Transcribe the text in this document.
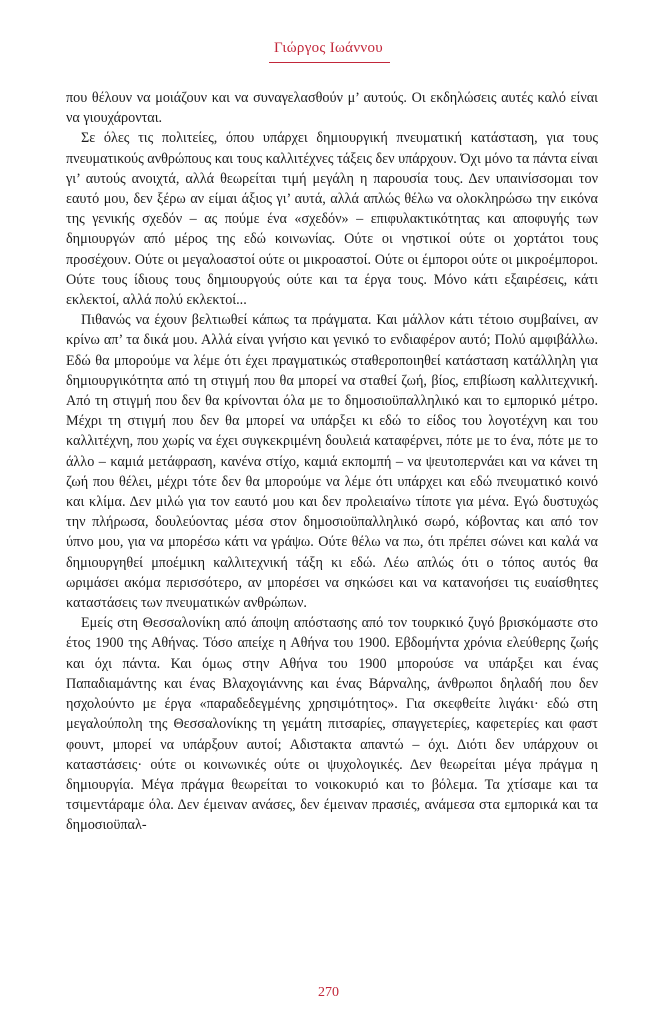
Γιώργος Ιωάννου

που θέλουν να μοιάζουν και να συναγελασθούν μ’ αυτούς. Οι εκδηλώσεις αυτές καλό είναι να γιουχάρονται.

Σε όλες τις πολιτείες, όπου υπάρχει δημιουργική πνευματική κατάσταση, για τους πνευματικούς ανθρώπους και τους καλλιτέχνες τάξεις δεν υπάρχουν. Όχι μόνο τα πάντα είναι γι’ αυτούς ανοιχτά, αλλά θεωρείται τιμή μεγάλη η παρουσία τους. Δεν υπαινίσσομαι τον εαυτό μου, δεν ξέρω αν είμαι άξιος γι’ αυτά, αλλά απλώς θέλω να ολοκληρώσω την εικόνα της γενικής σχεδόν – ας πούμε ένα «σχεδόν» – επιφυλακτικότητας και αποφυγής των δημιουργών από μέρος της εδώ κοινωνίας. Ούτε οι νηστικοί ούτε οι χορτάτοι τους προσέχουν. Ούτε οι μεγαλοαστοί ούτε οι μικροαστοί. Ούτε οι έμποροι ούτε οι μικροέμποροι. Ούτε τους ίδιους τους δημιουργούς ούτε και τα έργα τους. Μόνο κάτι εξαιρέσεις, κάτι εκλεκτοί, αλλά πολύ εκλεκτοί...

Πιθανώς να έχουν βελτιωθεί κάπως τα πράγματα. Και μάλλον κάτι τέτοιο συμβαίνει, αν κρίνω απ’ τα δικά μου. Αλλά είναι γνήσιο και γενικό το ενδιαφέρον αυτό; Πολύ αμφιβάλλω. Εδώ θα μπορούμε να λέμε ότι έχει πραγματικώς σταθεροποιηθεί κατάσταση κατάλληλη για δημιουργικότητα από τη στιγμή που θα μπορεί να σταθεί ζωή, βίος, επιβίωση καλλιτεχνική. Από τη στιγμή που δεν θα κρίνονται όλα με το δημοσιοϋπαλληλικό και το εμπορικό μέτρο. Μέχρι τη στιγμή που δεν θα μπορεί να υπάρξει κι εδώ το είδος του λογοτέχνη και του καλλιτέχνη, που χωρίς να έχει συγκεκριμένη δουλειά καταφέρνει, πότε με το ένα, πότε με το άλλο – καμιά μετάφραση, κανένα στίχο, καμιά εκπομπή – να ψευτοπερνάει και να κάνει τη ζωή που θέλει, μέχρι τότε δεν θα μπορούμε να λέμε ότι υπάρχει και εδώ πνευματικό κοινό και κλίμα. Δεν μιλώ για τον εαυτό μου και δεν προλειαίνω τίποτε για μένα. Εγώ δυστυχώς την πλήρωσα, δουλεύοντας μέσα στον δημοσιοϋπαλληλικό σωρό, κόβοντας και από τον ύπνο μου, για να μπορέσω κάτι να γράψω. Ούτε θέλω να πω, ότι πρέπει σώνει και καλά να δημιουργηθεί μποέμικη καλλιτεχνική τάξη κι εδώ. Λέω απλώς ότι ο τόπος αυτός θα ωριμάσει ακόμα περισσότερο, αν μπορέσει να σηκώσει και να κατανοήσει τις ευαίσθητες καταστάσεις των πνευματικών ανθρώπων.

Εμείς στη Θεσσαλονίκη από άποψη απόστασης από τον τουρκικό ζυγό βρισκόμαστε στο έτος 1900 της Αθήνας. Τόσο απείχε η Αθήνα του 1900. Εβδομήντα χρόνια ελεύθερης ζωής και όχι πάντα. Και όμως στην Αθήνα του 1900 μπορούσε να υπάρξει και ένας Παπαδιαμάντης και ένας Βλαχογιάννης και ένας Βάρναλης, άνθρωποι δηλαδή που δεν ησχολούντο με έργα «παραδεδεγμένης χρησιμότητος». Για σκεφθείτε λιγάκι· εδώ στη μεγαλούπολη της Θεσσαλονίκης τη γεμάτη πιτσαρίες, σπαγγετερίες, καφετερίες και φαστ φουντ, μπορεί να υπάρξουν αυτοί; Αδιστακτα απαντώ – όχι. Διότι δεν υπάρχουν οι καταστάσεις· ούτε οι κοινωνικές ούτε οι ψυχολογικές. Δεν θεωρείται μέγα πράγμα η δημιουργία. Μέγα πράγμα θεωρείται το νοικοκυριό και το βόλεμα. Τα χτίσαμε και τα τσιμεντάραμε όλα. Δεν έμειναν ανάσες, δεν έμειναν πρασιές, ανάμεσα στα εμπορικά και τα δημοσιοϋπαλ-

270
